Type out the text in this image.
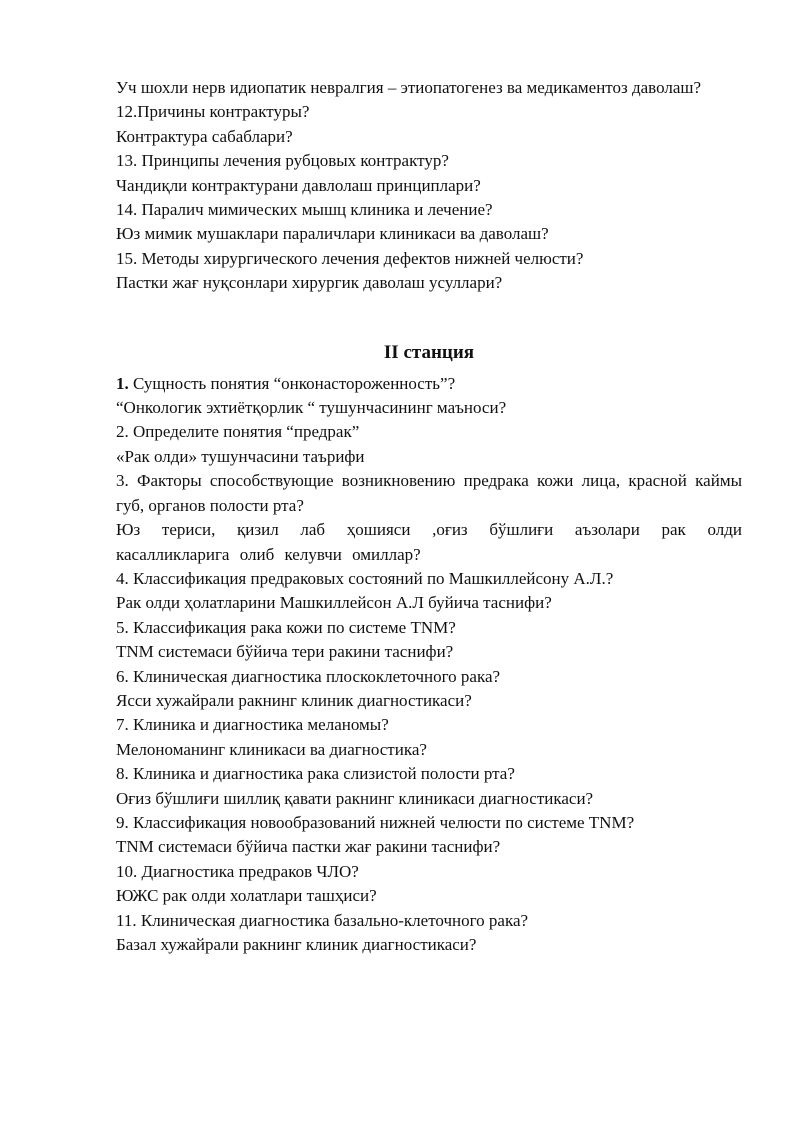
Уч шохли нерв идиопатик невралгия – этиопатогенез ва медикаментоз даволаш?

12.Причины контрактуры?

Контрактура сабаблари?

13. Принципы лечения рубцовых контрактур?

Чандиқли контрактурани давлолаш принциплари?

14. Паралич мимических мышц клиника и лечение?

Юз мимик мушаклари параличлари клиникаси ва даволаш?

15. Методы хирургического лечения дефектов нижней челюсти?

Пастки жағ нуқсонлари хирургик даволаш усуллари?

II станция

1. Сущность понятия “онконастороженность”?

“Онкологик эхтиётқорлик “ тушунчасининг маъноси?

2. Определите понятия “предрак”

«Рак олди» тушунчасини таърифи

3. Факторы способствующие возникновению предрака кожи лица, красной каймы губ, органов полости рта?

Юз териси, қизил лаб ҳошияси ,оғиз бўшлиғи аъзолари рак олди касалликларига олиб келувчи омиллар?

4. Классификация предраковых состояний по Машкиллейсону А.Л.?

Рак олди ҳолатларини Машкиллейсон А.Л буйича таснифи?

5. Классификация рака кожи по системе TNM?

TNM системаси бўйича тери ракини таснифи?

6. Клиническая диагностика плоскоклеточного рака?

Ясси хужайрали ракнинг клиник диагностикаси?

7. Клиника и диагностика меланомы?

Мелономанинг клиникаси ва диагностика?

8. Клиника и диагностика рака слизистой полости рта?

Оғиз бўшлиғи шиллиқ қавати ракнинг клиникаси диагностикаси?

9. Классификация новообразований нижней челюсти по системе TNM?

TNM системаси бўйича пастки жағ ракини таснифи?

10. Диагностика предраков ЧЛО?

ЮЖС рак олди холатлари ташҳиси?

11. Клиническая диагностика базально-клеточного рака?

Базал хужайрали ракнинг клиник диагностикаси?
